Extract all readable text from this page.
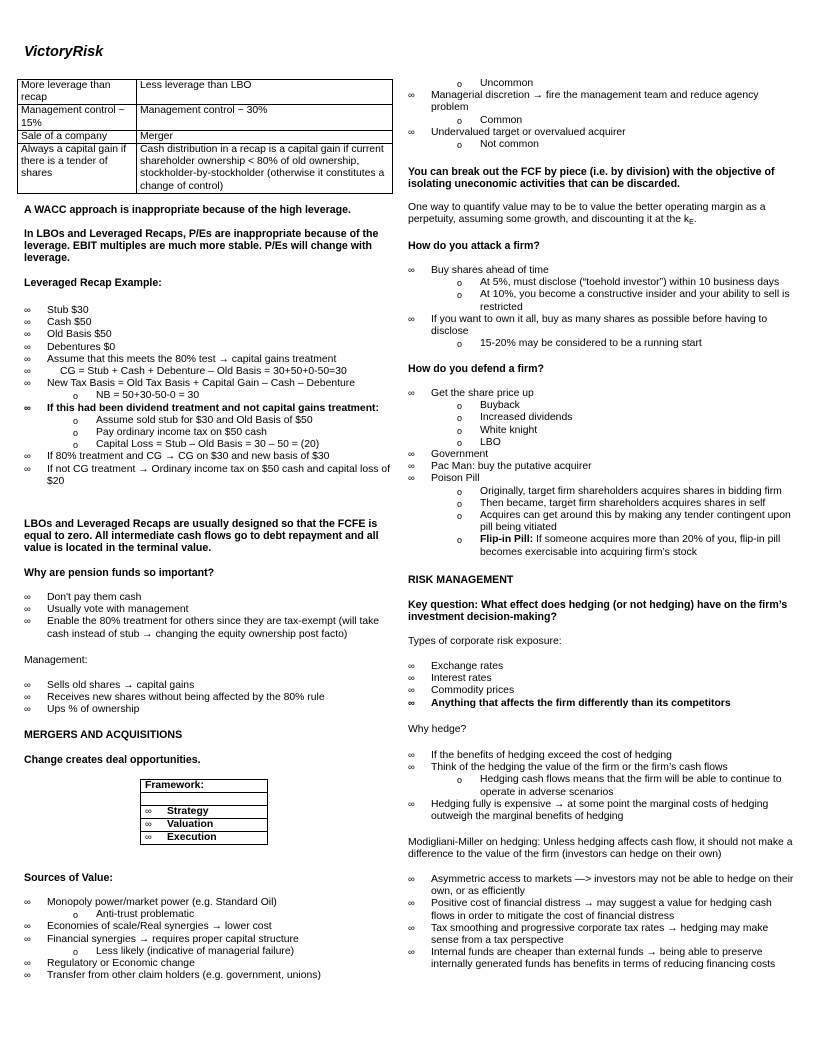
VictoryRisk
More leverage than recap	Less leverage than LBO
Management control ~ 15%	Management control ~ 30%
Sale of a company	Merger
Always a capital gain if there is a tender of shares	Cash distribution in a recap is a capital gain if current shareholder ownership < 80% of old ownership, stockholder-by-stockholder (otherwise it constitutes a change of control)

A WACC approach is inappropriate because of the high leverage.

In LBOs and Leveraged Recaps, P/Es are inappropriate because of the leverage. EBIT multiples are much more stable. P/Es will change with leverage.

Leveraged Recap Example:

∞ Stub $30
∞ Cash $50
∞ Old Basis $50
∞ Debentures $0
∞ Assume that this meets the 80% test → capital gains treatment
∞	CG = Stub + Cash + Debenture – Old Basis = 30+50+0-50=30
∞ New Tax Basis = Old Tax Basis + Capital Gain – Cash – Debenture
o NB = 50+30-50-0 = 30
∞ If this had been dividend treatment and not capital gains treatment:
o Assume sold stub for $30 and Old Basis of $50
o Pay ordinary income tax on $50 cash
o Capital Loss = Stub – Old Basis = 30 – 50 = (20)
∞ If 80% treatment and CG → CG on $30 and new basis of $30
∞ If not CG treatment → Ordinary income tax on $50 cash and capital loss of $20

LBOs and Leveraged Recaps are usually designed so that the FCFE is equal to zero. All intermediate cash flows go to debt repayment and all value is located in the terminal value.

Why are pension funds so important?

∞ Don't pay them cash
∞ Usually vote with management
∞ Enable the 80% treatment for others since they are tax-exempt (will take cash instead of stub → changing the equity ownership post facto)

Management:

∞ Sells old shares → capital gains
∞ Receives new shares without being affected by the 80% rule
∞ Ups % of ownership

MERGERS AND ACQUISITIONS

Change creates deal opportunities.

Framework:

∞ Strategy
∞ Valuation
∞ Execution

Sources of Value:

∞ Monopoly power/market power (e.g. Standard Oil)
o Anti-trust problematic
∞ Economies of scale/Real synergies → lower cost
∞ Financial synergies → requires proper capital structure
o Less likely (indicative of managerial failure)
∞ Regulatory or Economic change
∞ Transfer from other claim holders (e.g. government, unions)
o Uncommon
∞ Managerial discretion → fire the management team and reduce agency problem
o Common
∞ Undervalued target or overvalued acquirer
o Not common

You can break out the FCF by piece (i.e. by division) with the objective of isolating uneconomic activities that can be discarded.

One way to quantify value may to be to value the better operating margin as a perpetuity, assuming some growth, and discounting it at the $k_E$.

How do you attack a firm?

∞ Buy shares ahead of time
o At 5%, must disclose (“toehold investor”) within 10 business days
o At 10%, you become a constructive insider and your ability to sell is restricted
∞ If you want to own it all, buy as many shares as possible before having to disclose
o 15-20% may be considered to be a running start

How do you defend a firm?

∞ Get the share price up
o Buyback
o Increased dividends
o White knight
o LBO
∞ Government
∞ Pac Man: buy the putative acquirer
∞ Poison Pill
o Originally, target firm shareholders acquires shares in bidding firm
o Then became, target firm shareholders acquires shares in self
o Acquires can get around this by making any tender contingent upon pill being vitiated
o Flip-in Pill: If someone acquires more than 20% of you, flip-in pill becomes exercisable into acquiring firm’s stock

RISK MANAGEMENT

Key question: What effect does hedging (or not hedging) have on the firm’s investment decision-making?

Types of corporate risk exposure:

∞ Exchange rates
∞ Interest rates
∞ Commodity prices
∞ Anything that affects the firm differently than its competitors

Why hedge?

∞ If the benefits of hedging exceed the cost of hedging
∞ Think of the hedging the value of the firm or the firm’s cash flows
o Hedging cash flows means that the firm will be able to continue to operate in adverse scenarios
∞ Hedging fully is expensive → at some point the marginal costs of hedging outweigh the marginal benefits of hedging

Modigliani-Miller on hedging: Unless hedging affects cash flow, it should not make a difference to the value of the firm (investors can hedge on their own)

∞ Asymmetric access to markets —> investors may not be able to hedge on their own, or as efficiently
∞ Positive cost of financial distress → may suggest a value for hedging cash flows in order to mitigate the cost of financial distress
∞ Tax smoothing and progressive corporate tax rates → hedging may make sense from a tax perspective
∞ Internal funds are cheaper than external funds → being able to preserve internally generated funds has benefits in terms of reducing financing costs
